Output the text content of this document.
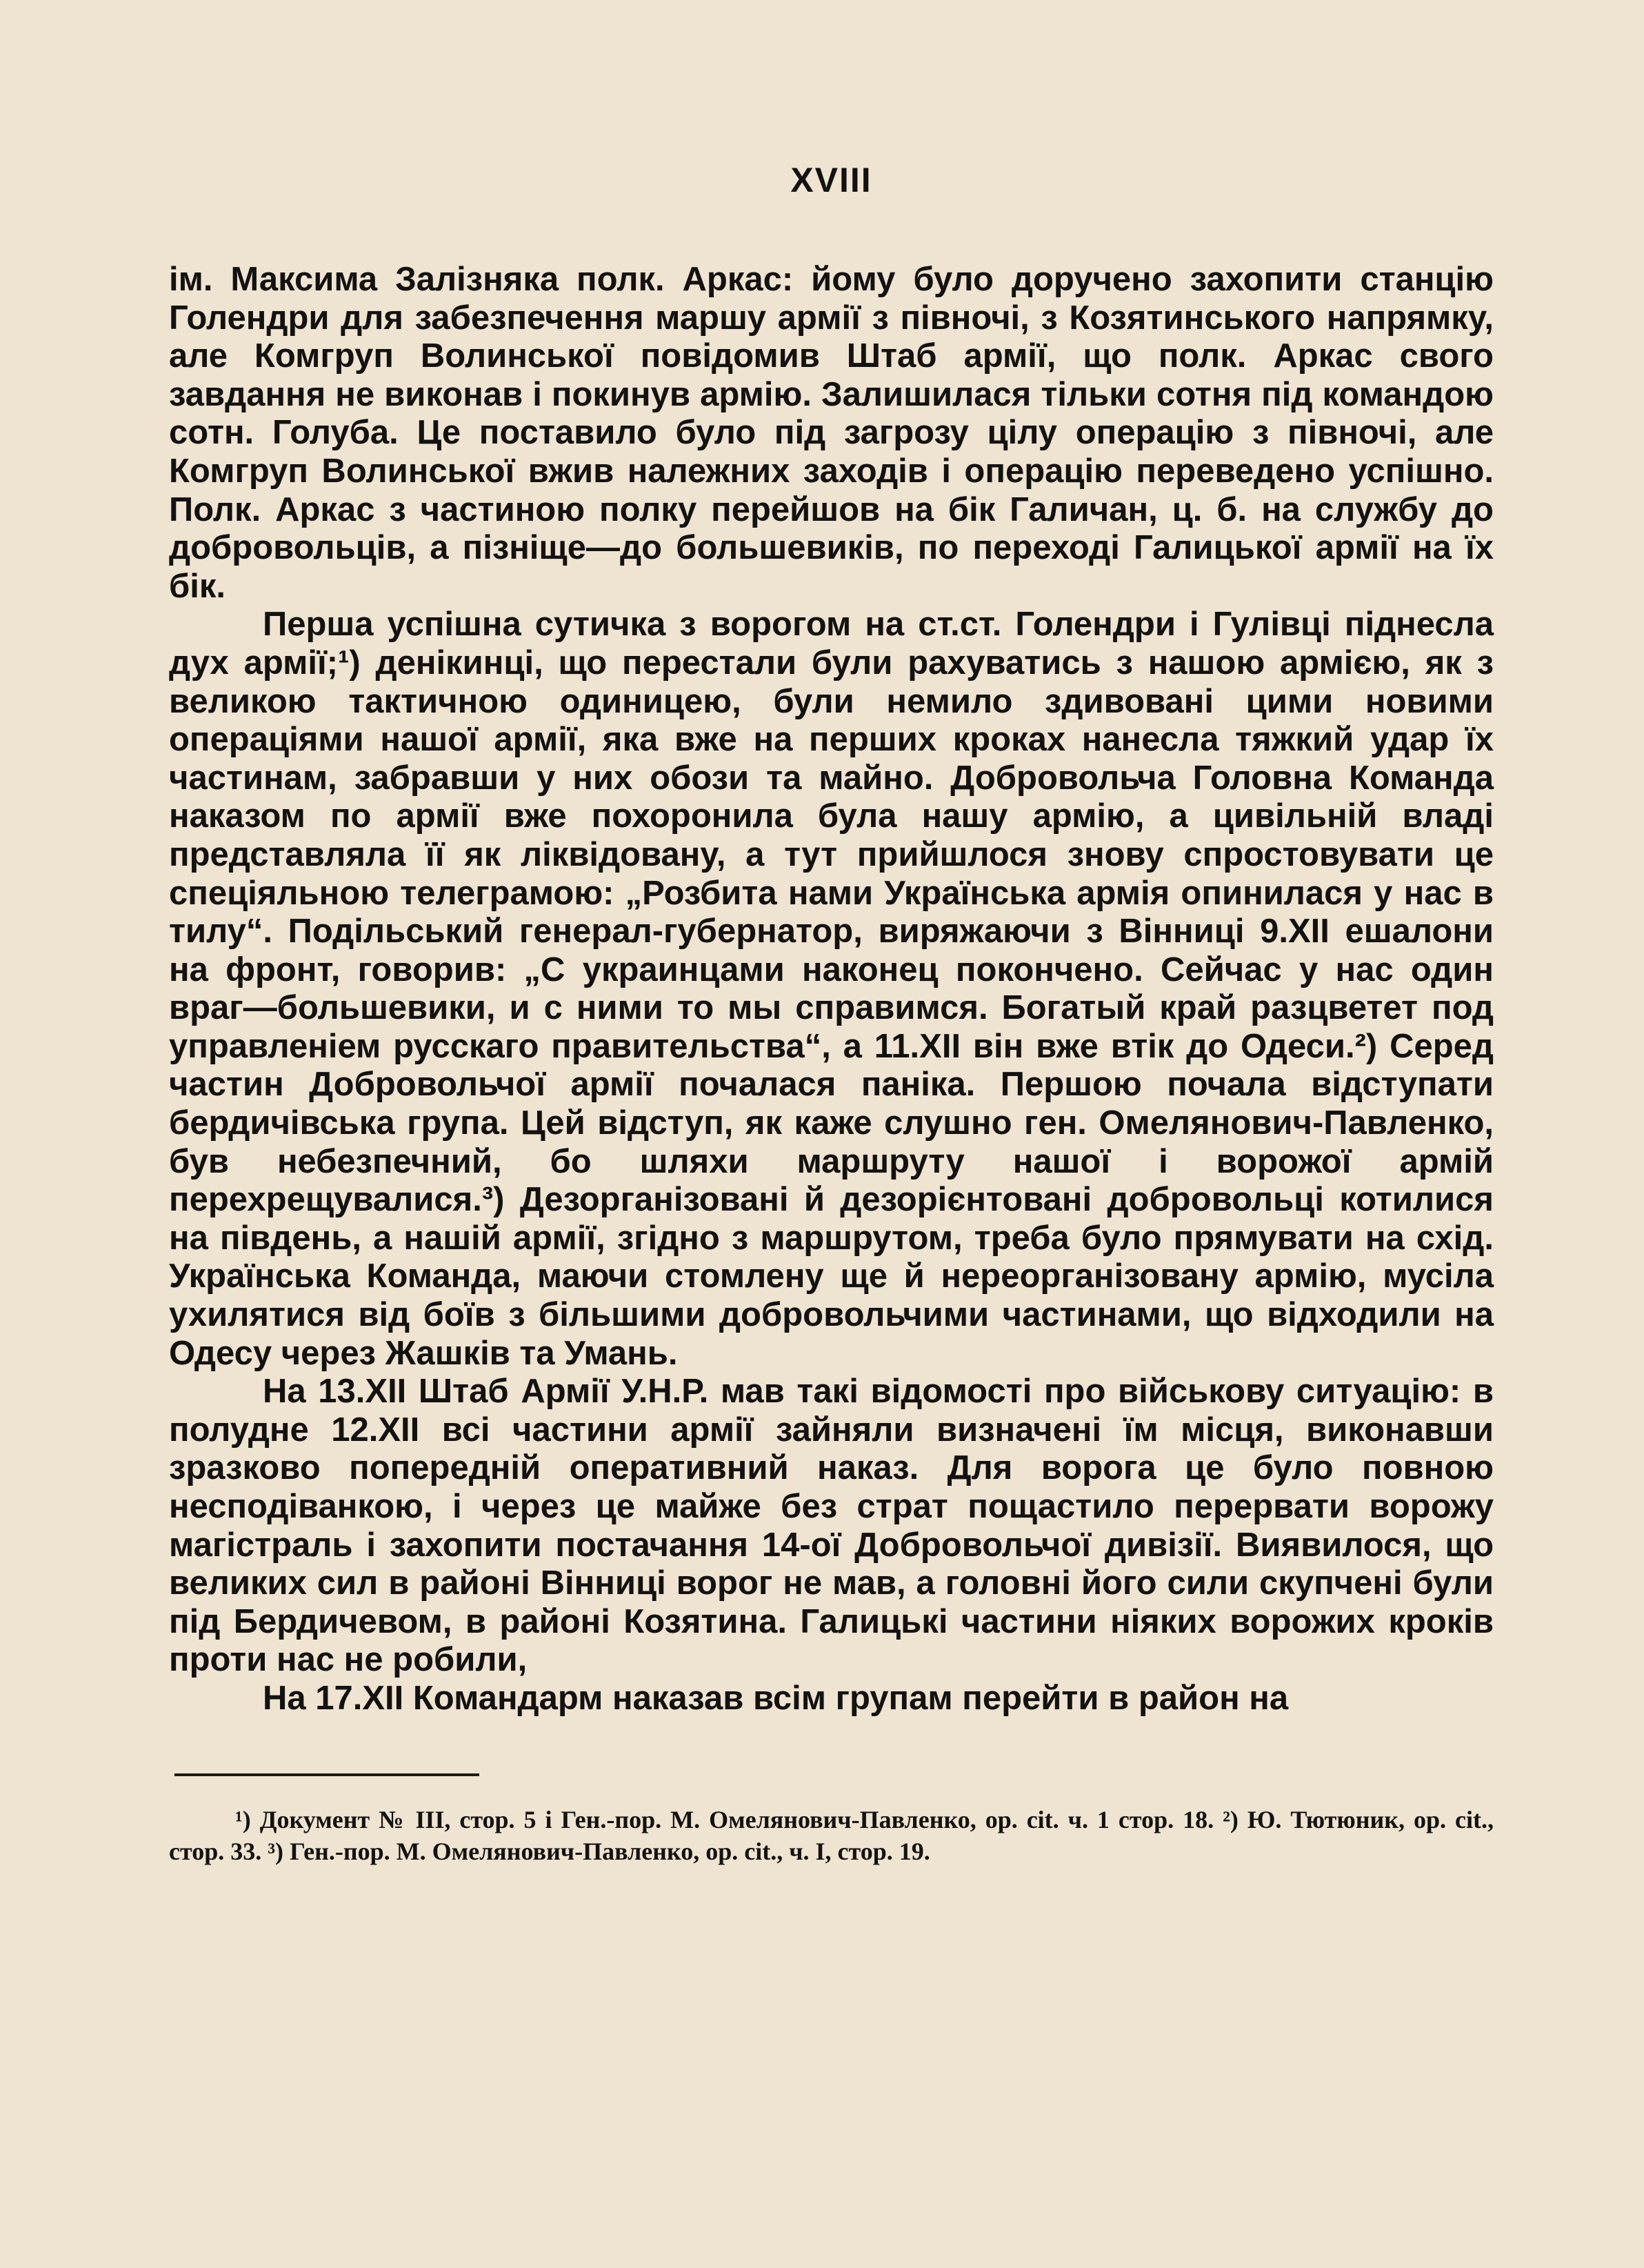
XVIII

ім. Максима Залізняка полк. Аркас: йому було доручено захопити станцію Голендри для забезпечення маршу армії з півночі, з Козятинського напрямку, але Комгруп Волинської повідомив Штаб армії, що полк. Аркас свого завдання не виконав і покинув армію. Залишилася тільки сотня під командою сотн. Голуба. Це поставило було під загрозу цілу операцію з півночі, але Комгруп Волинської вжив належних заходів і операцію переведено успішно. Полк. Аркас з частиною полку перейшов на бік Галичан, ц. б. на службу до добровольців, а пізніще—до большевиків, по переході Галицької армії на їх бік.

Перша успішна сутичка з ворогом на ст.ст. Голендри і Гулівці піднесла дух армії;¹) денікинці, що перестали були рахуватись з нашою армією, як з великою тактичною одиницею, були немило здивовані цими новими операціями нашої армії, яка вже на перших кроках нанесла тяжкий удар їх частинам, забравши у них обози та майно. Добровольча Головна Команда наказом по армії вже похоронила була нашу армію, а цивільній владі представляла її як ліквідовану, а тут прийшлося знову спростовувати це спеціяльною телеграмою: „Розбита нами Українська армія опинилася у нас в тилу“. Подільський генерал-губернатор, виряжаючи з Вінниці 9.XII ешалони на фронт, говорив: „С украинцами наконец покончено. Сейчас у нас один враг—большевики, и с ними то мы справимся. Богатый край разцветет под управленіем русскаго правительства“, а 11.XII він вже втік до Одеси.²) Серед частин Добровольчої армії почалася паніка. Першою почала відступати бердичівська група. Цей відступ, як каже слушно ген. Омелянович-Павленко, був небезпечний, бо шляхи маршруту нашої і ворожої армій перехрещувалися.³) Дезорганізовані й дезорієнтовані добровольці котилися на південь, а нашій армії, згідно з маршрутом, треба було прямувати на схід. Українська Команда, маючи стомлену ще й нереорганізовану армію, мусіла ухилятися від боїв з більшими добровольчими частинами, що відходили на Одесу через Жашків та Умань.

На 13.XII Штаб Армії У.Н.Р. мав такі відомості про військову ситуацію: в полудне 12.XII всі частини армії зайняли визначені їм місця, виконавши зразково попередній оперативний наказ. Для ворога це було повною несподіванкою, і через це майже без страт пощастило перервати ворожу магістраль і захопити постачання 14-ої Добровольчої дивізії. Виявилося, що великих сил в районі Вінниці ворог не мав, а головні його сили скупчені були під Бердичевом, в районі Козятина. Галицькі частини ніяких ворожих кроків проти нас не робили,

На 17.XII Командарм наказав всім групам перейти в район на

¹) Документ № III, стор. 5 і Ген.-пор. М. Омелянович-Павленко, op. cit. ч. 1 стор. 18. ²) Ю. Тютюник, op. cit., стор. 33. ³) Ген.-пор. М. Омелянович-Павленко, op. cit., ч. I, стор. 19.
